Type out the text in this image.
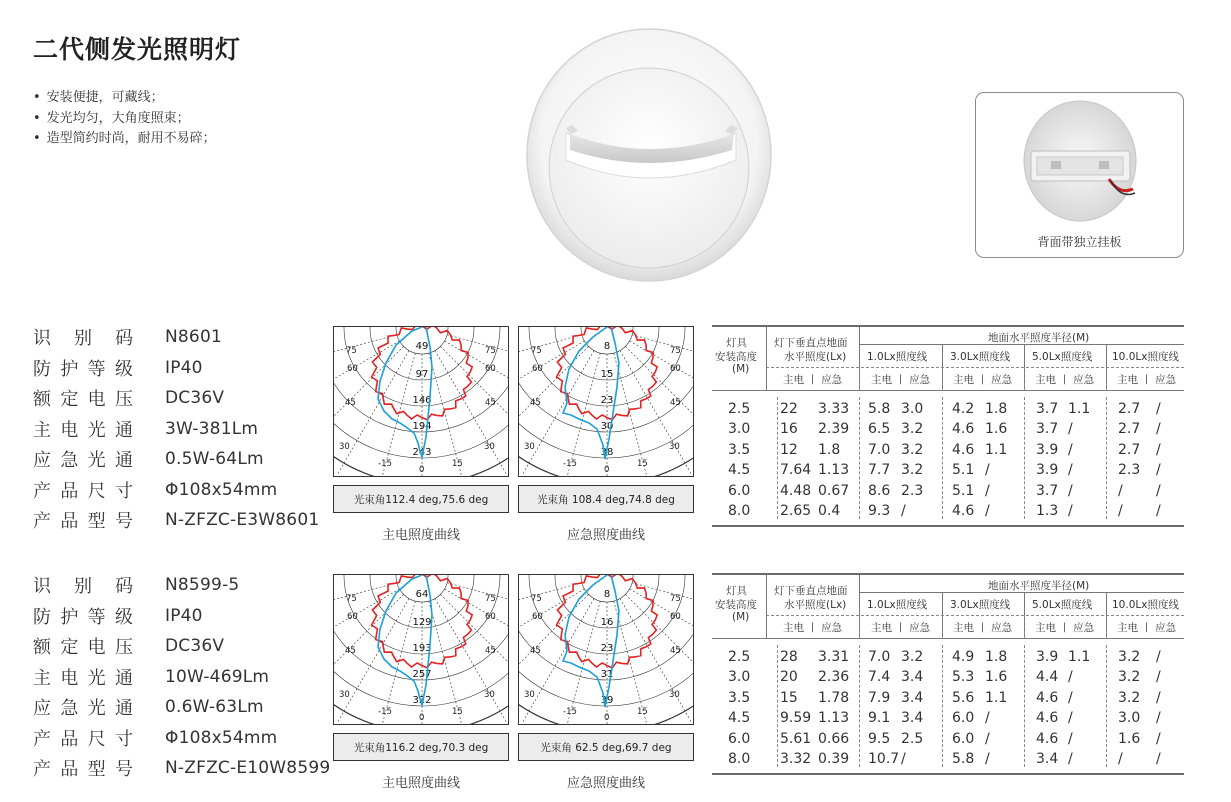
二代侧发光照明灯
• 安装便捷，可藏线；
• 发光均匀，大角度照束；
• 造型简约时尚，耐用不易碎；
背面带独立挂板
识 别 码 N8601
防护等级 IP40
额定电压 DC36V
主电光通 3W-381Lm
应急光通 0.5W-64Lm
产品尺寸 Φ108x54mm
产品型号 N-ZFZC-E3W8601
识 别 码 N8599-5
防护等级 IP40
额定电压 DC36V
主电光通 10W-469Lm
应急光通 0.6W-63Lm
产品尺寸 Φ108x54mm
产品型号 N-ZFZC-E10W8599
75
60
45
30
-15
0
15
30
45
60
75
49
97
146
194
243
光束角112.4 deg,75.6 deg
主电照度曲线
75
60
45
30
-15
0
15
30
45
60
75
8
15
23
30
38
光束角 108.4 deg,74.8 deg
应急照度曲线
75
60
45
30
-15
0
15
30
45
60
75
64
129
193
257
322
光束角116.2 deg,70.3 deg
主电照度曲线
75
60
45
30
-15
0
15
30
45
60
75
8
16
23
31
39
光束角 62.5 deg,69.7 deg
应急照度曲线
灯具
安装高度
(M)
灯下垂直点地面
水平照度(Lx)
地面水平照度半径(M)
1.0Lx照度线 3.0Lx照度线 5.0Lx照度线 10.0Lx照度线
主电 丨 应急	主电 丨 应急 主电 丨 应急 主电 丨 应急 主电 丨 应急
2.5 22 3.33 5.8 3.0 4.2 1.8 3.7 1.1 2.7 /
3.0 16 2.39 6.5 3.2 4.6 1.6 3.7 /	2.7 /
3.5 12 1.8 7.0 3.2 4.6 1.1 3.9 /	2.7 /
4.5 7.64 1.13 7.7 3.2 5.1 /	3.9 /	2.3 /
6.0 4.48 0.67 8.6 2.3 5.1 /	3.7 /	/ /
8.0 2.65 0.4 9.3 /	4.6 /	1.3 /	/ /
灯具
安装高度
(M)
灯下垂直点地面
水平照度(Lx)
地面水平照度半径(M)
1.0Lx照度线 3.0Lx照度线 5.0Lx照度线 10.0Lx照度线
主电 丨 应急	主电 丨 应急 主电 丨 应急 主电 丨 应急 主电 丨 应急
2.5 28 3.31 7.0 3.2 4.9 1.8 3.9 1.1 3.2 /
3.0 20 2.36 7.4 3.4 5.3 1.6 4.4 /	3.2 /
3.5 15 1.78 7.9 3.4 5.6 1.1 4.6 /	3.2 /
4.5 9.59 1.13 9.1 3.4 6.0 /	4.6 /	3.0 /
6.0 5.61 0.66 9.5 2.5 6.0 /	4.6 /	1.6 /
8.0 3.32 0.39 10.7 /	5.8 /	3.4 /	/ /
